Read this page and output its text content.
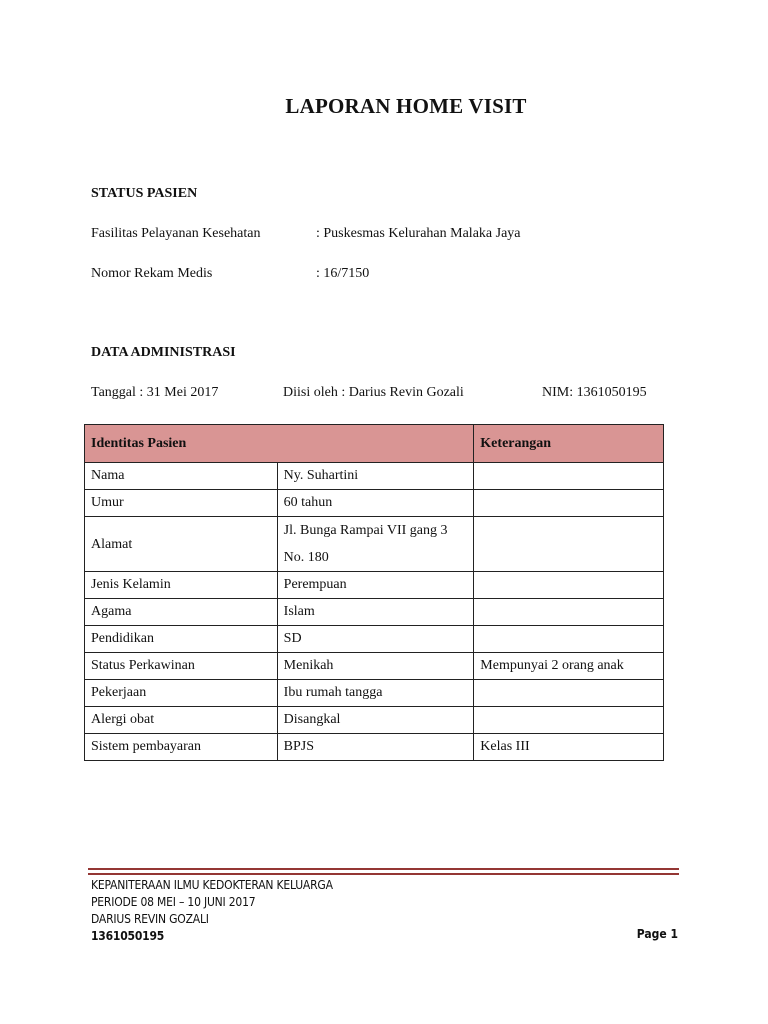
LAPORAN HOME VISIT
STATUS PASIEN
Fasilitas Pelayanan Kesehatan	: Puskesmas Kelurahan Malaka Jaya
Nomor Rekam Medis	: 16/7150
DATA ADMINISTRASI
Tanggal : 31 Mei 2017	Diisi oleh : Darius Revin Gozali	NIM: 1361050195
Identitas Pasien		Keterangan
Nama	Ny. Suhartini	
Umur	60 tahun	
Alamat	Jl. Bunga Rampai VII gang 3
No. 180	
Jenis Kelamin	Perempuan	
Agama	Islam	
Pendidikan	SD	
Status Perkawinan	Menikah	Mempunyai 2 orang anak
Pekerjaan	Ibu rumah tangga	
Alergi obat	Disangkal	
Sistem pembayaran	BPJS	Kelas III
KEPANITERAAN ILMU KEDOKTERAN KELUARGA
PERIODE 08 MEI – 10 JUNI 2017
DARIUS REVIN GOZALI
1361050195	Page 1
